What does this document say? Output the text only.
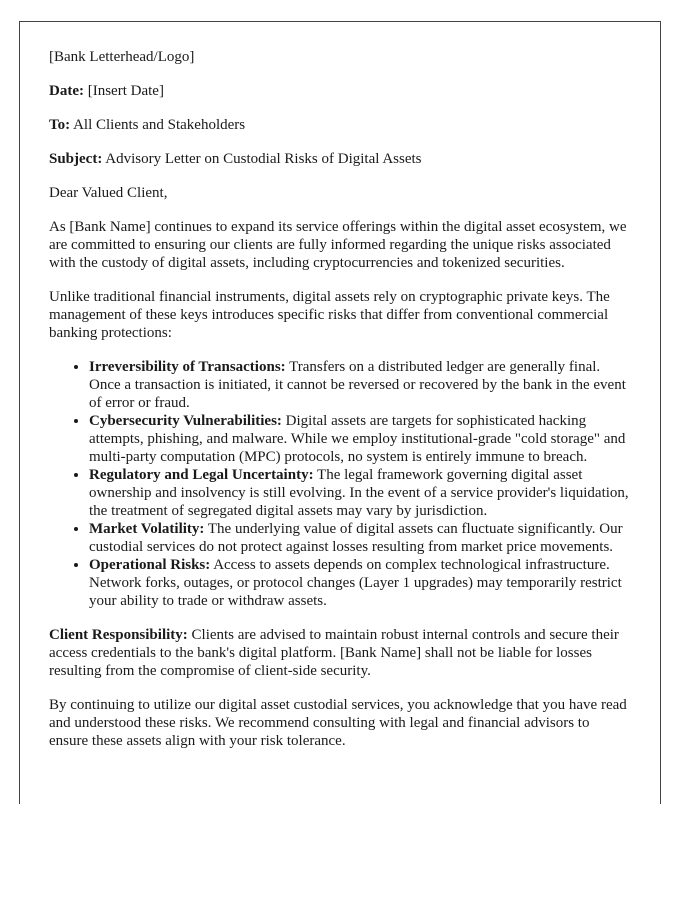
[Bank Letterhead/Logo]

Date: [Insert Date]

To: All Clients and Stakeholders

Subject: Advisory Letter on Custodial Risks of Digital Assets

Dear Valued Client,

As [Bank Name] continues to expand its service offerings within the digital asset ecosystem, we are committed to ensuring our clients are fully informed regarding the unique risks associated with the custody of digital assets, including cryptocurrencies and tokenized securities.

Unlike traditional financial instruments, digital assets rely on cryptographic private keys. The management of these keys introduces specific risks that differ from conventional commercial banking protections:

• Irreversibility of Transactions: Transfers on a distributed ledger are generally final. Once a transaction is initiated, it cannot be reversed or recovered by the bank in the event of error or fraud.
• Cybersecurity Vulnerabilities: Digital assets are targets for sophisticated hacking attempts, phishing, and malware. While we employ institutional-grade "cold storage" and multi-party computation (MPC) protocols, no system is entirely immune to breach.
• Regulatory and Legal Uncertainty: The legal framework governing digital asset ownership and insolvency is still evolving. In the event of a service provider's liquidation, the treatment of segregated digital assets may vary by jurisdiction.
• Market Volatility: The underlying value of digital assets can fluctuate significantly. Our custodial services do not protect against losses resulting from market price movements.
• Operational Risks: Access to assets depends on complex technological infrastructure. Network forks, outages, or protocol changes (Layer 1 upgrades) may temporarily restrict your ability to trade or withdraw assets.

Client Responsibility: Clients are advised to maintain robust internal controls and secure their access credentials to the bank's digital platform. [Bank Name] shall not be liable for losses resulting from the compromise of client-side security.

By continuing to utilize our digital asset custodial services, you acknowledge that you have read and understood these risks. We recommend consulting with legal and financial advisors to ensure these assets align with your risk tolerance.
